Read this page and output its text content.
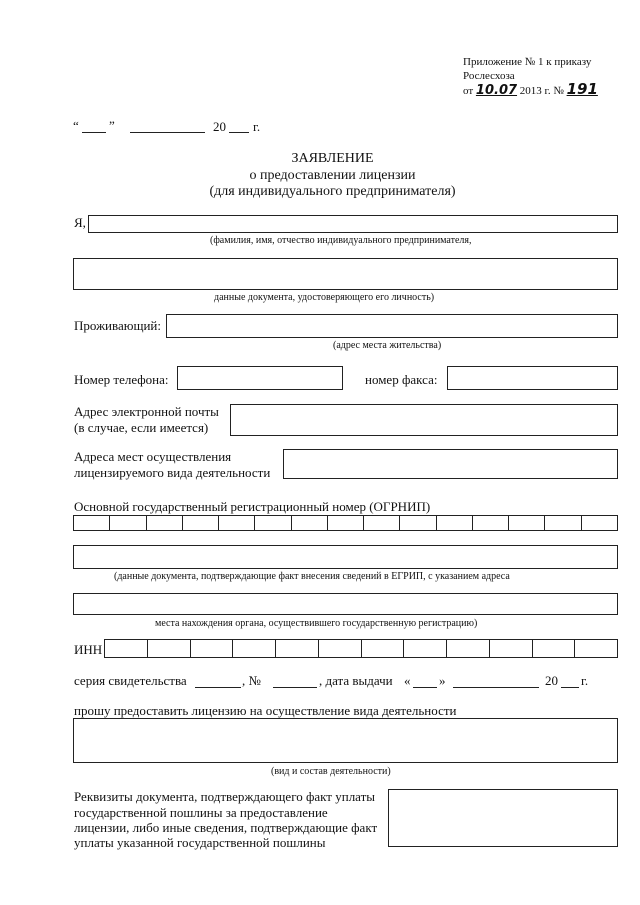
Приложение № 1 к приказу
Рослесхоза
от 10.07 2013 г. № 191
“ ”	20 г.
ЗАЯВЛЕНИЕ
о предоставлении лицензии
(для индивидуального предпринимателя)
Я,
(фамилия, имя, отчество индивидуального предпринимателя,
данные документа, удостоверяющего его личность)
Проживающий:
(адрес места жительства)
Номер телефона:	номер факса:
Адрес электронной почты
(в случае, если имеется)
Адреса мест осуществления
лицензируемого вида деятельности
Основной государственный регистрационный номер (ОГРНИП)
(данные документа, подтверждающие факт внесения сведений в ЕГРИП, с указанием адреса
места нахождения органа, осуществившего государственную регистрацию)
ИНН
серия свидетельства	, №	, дата выдачи « »	20 г.
прошу предоставить лицензию на осуществление вида деятельности
(вид и состав деятельности)
Реквизиты документа, подтверждающего факт уплаты
государственной пошлины за предоставление
лицензии, либо иные сведения, подтверждающие факт
уплаты указанной государственной пошлины
